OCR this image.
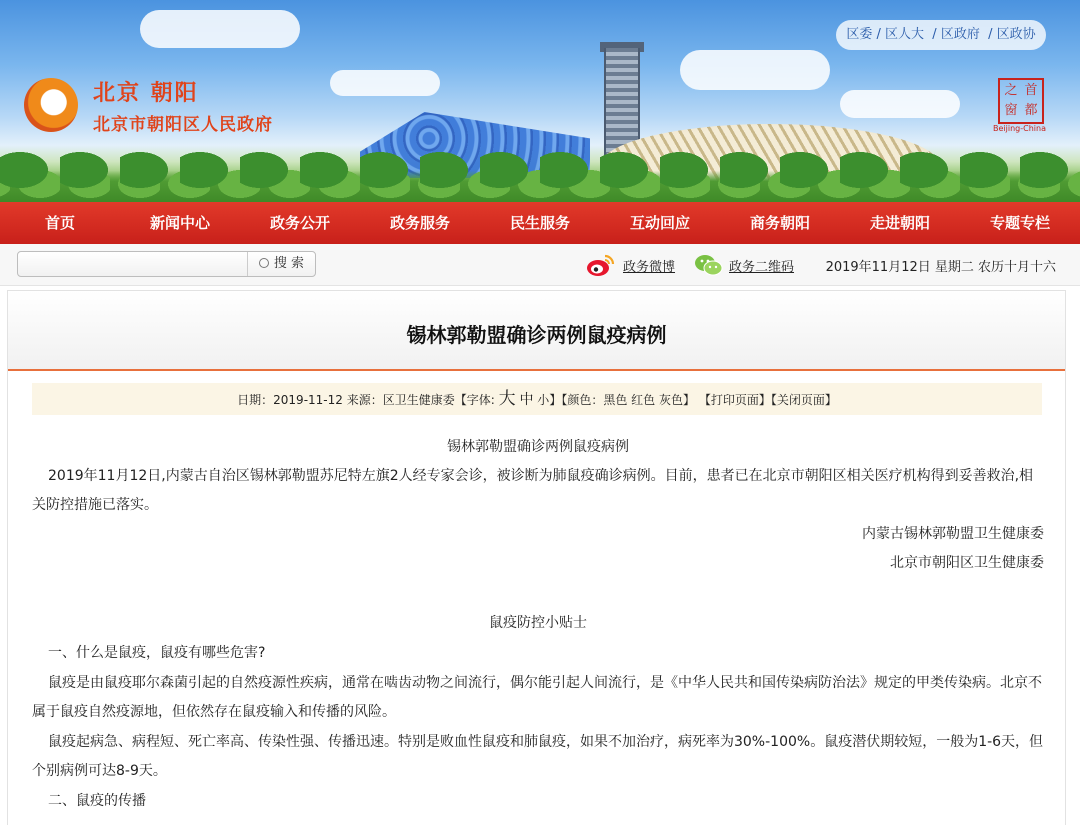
区委 / 区人大  / 区政府  / 区政协
北京 朝阳
北京市朝阳区人民政府
之 首
窗 都
Beijing-China
首页	新闻中心	政务公开	政务服务	民生服务	互动回应	商务朝阳	走进朝阳	专题专栏
搜 索	政务微博	政务二维码 2019年11月12日 星期二 农历十月十六
锡林郭勒盟确诊两例鼠疫病例
日期：2019-11-12 来源：区卫生健康委【字体: 大 中 小】【颜色：黑色 红色 灰色】 【打印页面】【关闭页面】
锡林郭勒盟确诊两例鼠疫病例
2019年11月12日,内蒙古自治区锡林郭勒盟苏尼特左旗2人经专家会诊，被诊断为肺鼠疫确诊病例。目前，患者已在北京市朝阳区相关医疗机构得到妥善救治,相关防控措施已落实。
内蒙古锡林郭勒盟卫生健康委
北京市朝阳区卫生健康委
鼠疫防控小贴士
一、什么是鼠疫，鼠疫有哪些危害?
鼠疫是由鼠疫耶尔森菌引起的自然疫源性疾病，通常在啮齿动物之间流行，偶尔能引起人间流行，是《中华人民共和国传染病防治法》规定的甲类传染病。北京不属于鼠疫自然疫源地，但依然存在鼠疫输入和传播的风险。
鼠疫起病急、病程短、死亡率高、传染性强、传播迅速。特别是败血性鼠疫和肺鼠疫，如果不加治疗，病死率为30%-100%。鼠疫潜伏期较短，一般为1-6天，但个别病例可达8-9天。
二、鼠疫的传播
